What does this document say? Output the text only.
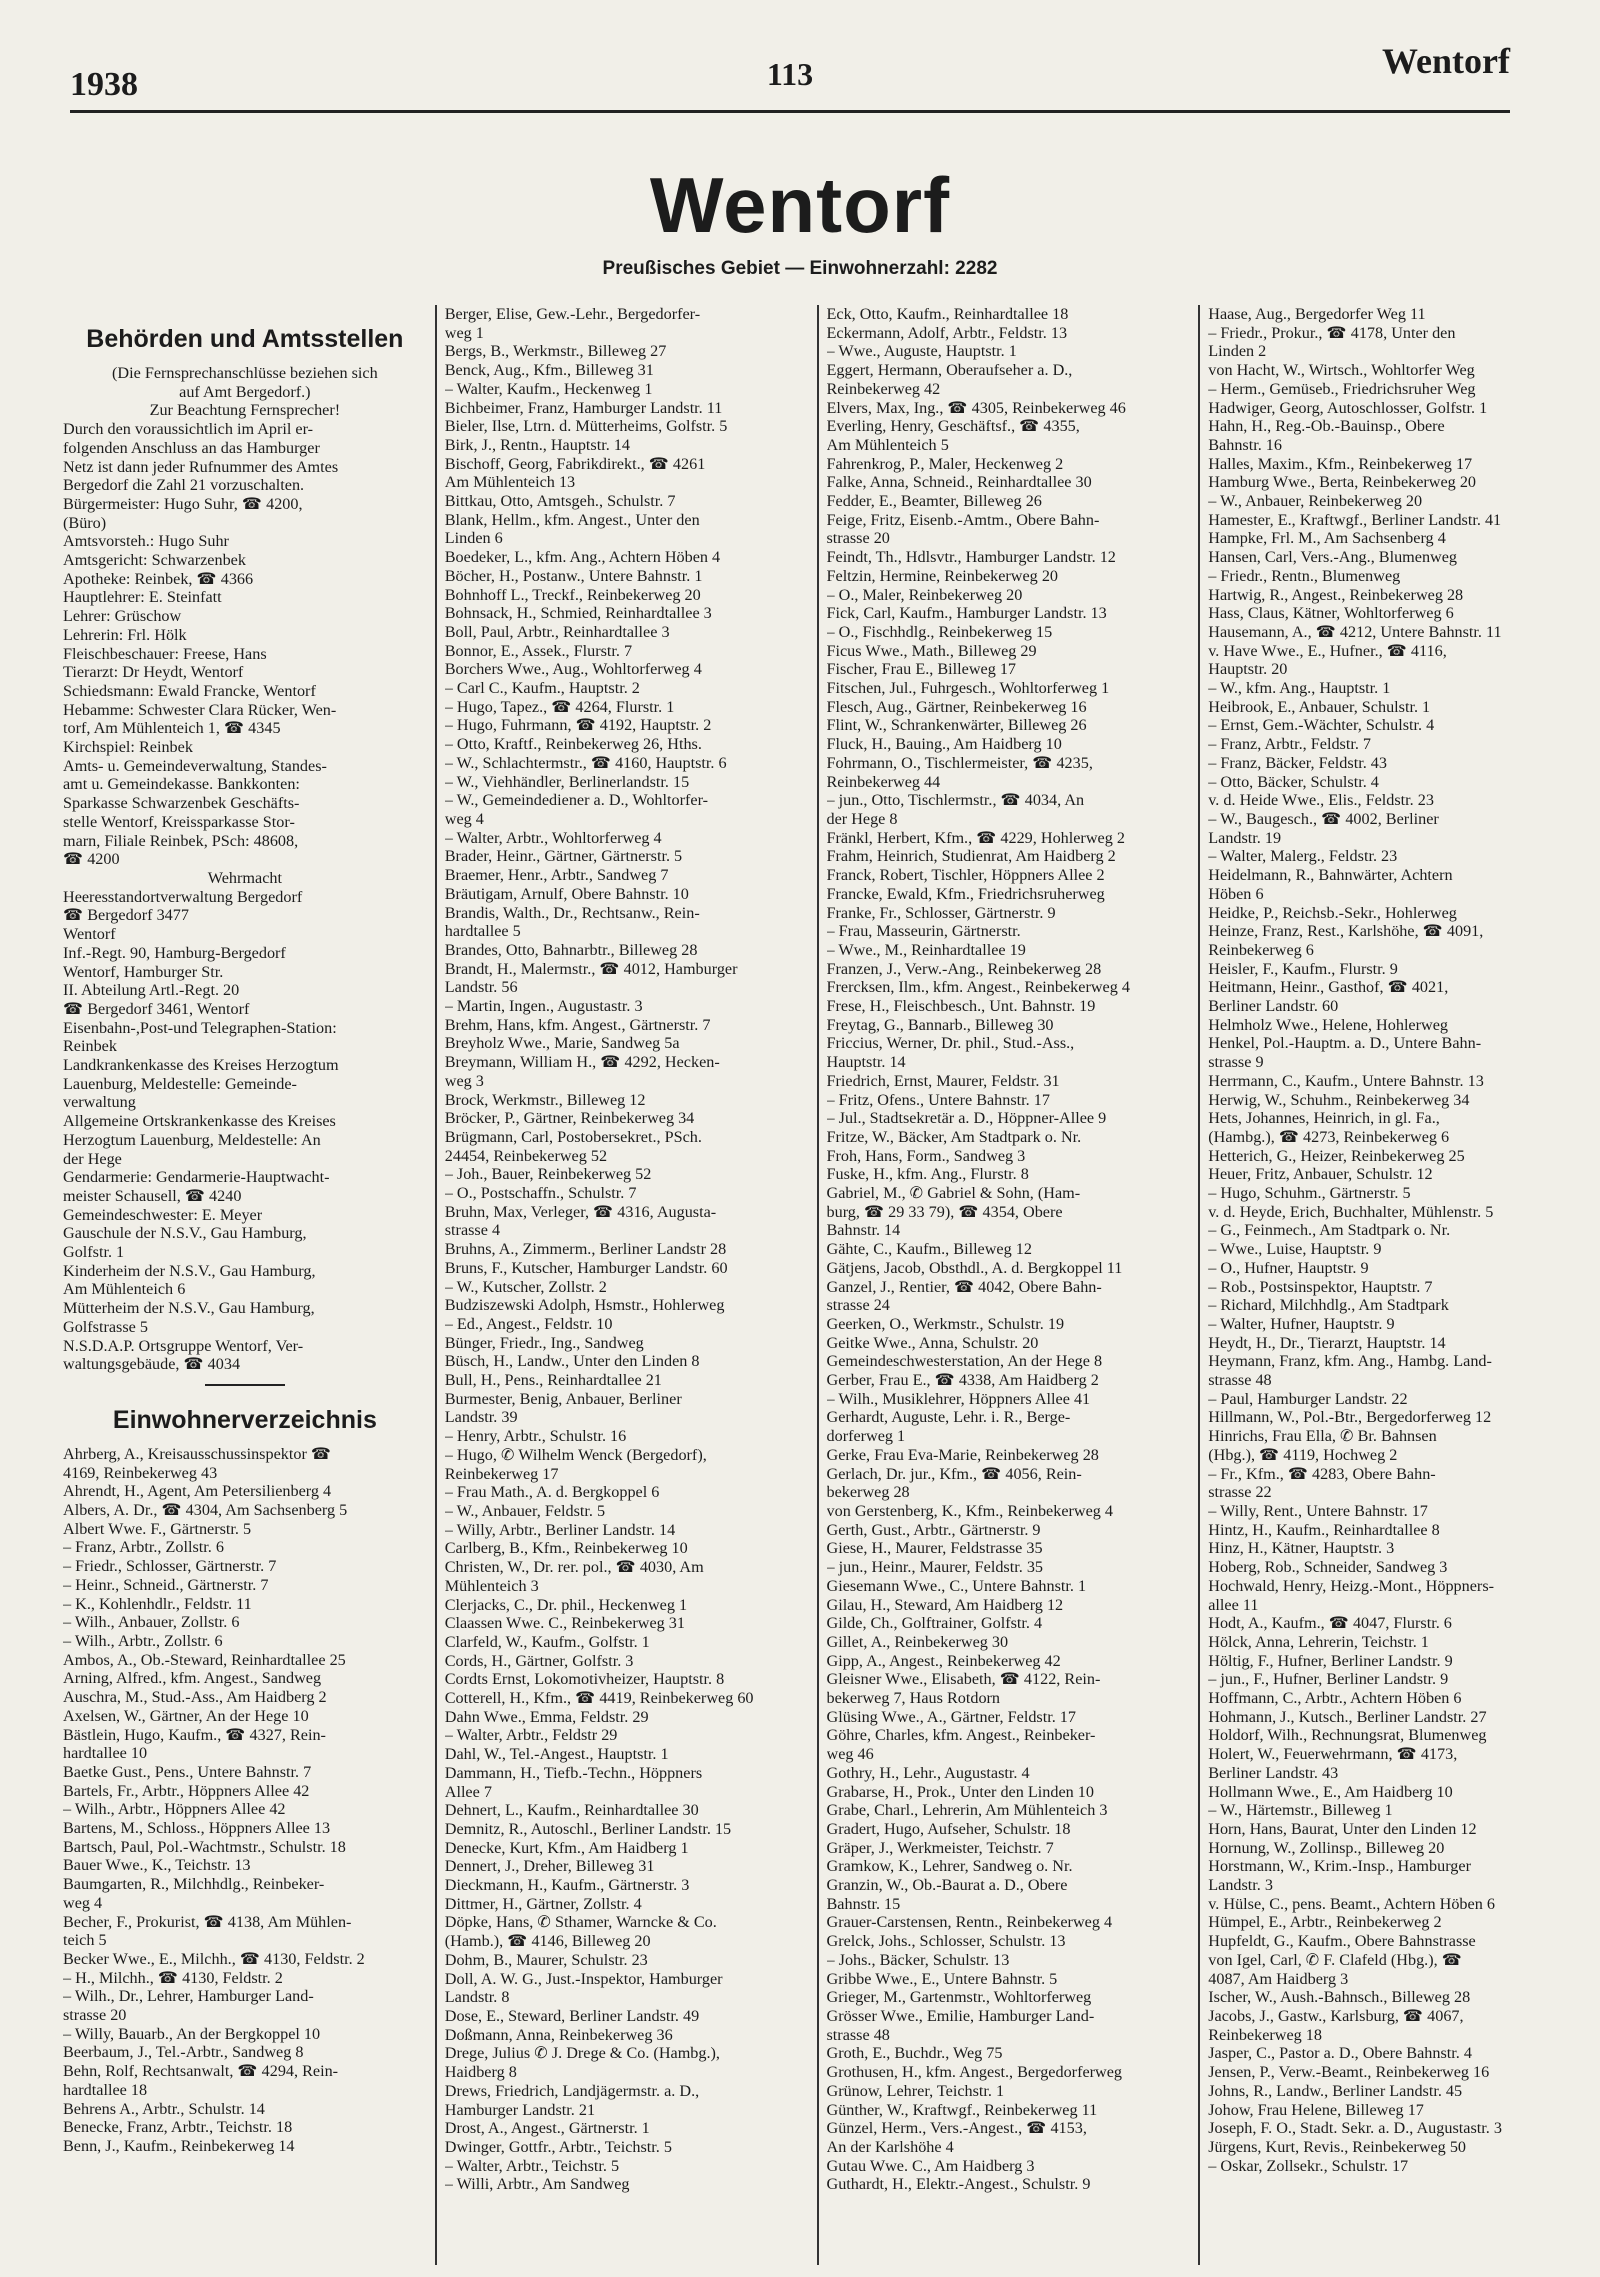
1938	113	Wentorf
Wentorf
Preußisches Gebiet — Einwohnerzahl: 2282
Behörden und Amtsstellen
(Die Fernsprechanschlüsse beziehen sich
auf Amt Bergedorf.)
Zur Beachtung Fernsprecher!
Durch den voraussichtlich im April er-
folgenden Anschluss an das Hamburger
Netz ist dann jeder Rufnummer des Amtes
Bergedorf die Zahl 21 vorzuschalten.
Bürgermeister: Hugo Suhr, ☎ 4200,
(Büro)
Amtsvorsteh.: Hugo Suhr
Amtsgericht: Schwarzenbek
Apotheke: Reinbek, ☎ 4366
Hauptlehrer: E. Steinfatt
Lehrer: Grüschow
Lehrerin: Frl. Hölk
Fleischbeschauer: Freese, Hans
Tierarzt: Dr Heydt, Wentorf
Schiedsmann: Ewald Francke, Wentorf
Hebamme: Schwester Clara Rücker, Wen-
torf, Am Mühlenteich 1, ☎ 4345
Kirchspiel: Reinbek
Amts- u. Gemeindeverwaltung, Standes-
amt u. Gemeindekasse. Bankkonten:
Sparkasse Schwarzenbek Geschäfts-
stelle Wentorf, Kreissparkasse Stor-
marn, Filiale Reinbek, PSch: 48608,
☎ 4200
Wehrmacht
Heeresstandortverwaltung Bergedorf
☎ Bergedorf 3477
Wentorf
Inf.-Regt. 90, Hamburg-Bergedorf
Wentorf, Hamburger Str.
II. Abteilung Artl.-Regt. 20
☎ Bergedorf 3461, Wentorf
Eisenbahn-,Post-und Telegraphen-Station:
Reinbek
Landkrankenkasse des Kreises Herzogtum
Lauenburg, Meldestelle: Gemeinde-
verwaltung
Allgemeine Ortskrankenkasse des Kreises
Herzogtum Lauenburg, Meldestelle: An
der Hege
Gendarmerie: Gendarmerie-Hauptwacht-
meister Schausell, ☎ 4240
Gemeindeschwester: E. Meyer
Gauschule der N.S.V., Gau Hamburg,
Golfstr. 1
Kinderheim der N.S.V., Gau Hamburg,
Am Mühlenteich 6
Mütterheim der N.S.V., Gau Hamburg,
Golfstrasse 5
N.S.D.A.P. Ortsgruppe Wentorf, Ver-
waltungsgebäude, ☎ 4034
Einwohnerverzeichnis
Ahrberg, A., Kreisausschussinspektor ☎
4169, Reinbekerweg 43
Ahrendt, H., Agent, Am Petersilienberg 4
Albers, A. Dr., ☎ 4304, Am Sachsenberg 5
Albert Wwe. F., Gärtnerstr. 5
– Franz, Arbtr., Zollstr. 6
– Friedr., Schlosser, Gärtnerstr. 7
– Heinr., Schneid., Gärtnerstr. 7
– K., Kohlenhdlr., Feldstr. 11
– Wilh., Anbauer, Zollstr. 6
– Wilh., Arbtr., Zollstr. 6
Ambos, A., Ob.-Steward, Reinhardtallee 25
Arning, Alfred., kfm. Angest., Sandweg
Auschra, M., Stud.-Ass., Am Haidberg 2
Axelsen, W., Gärtner, An der Hege 10
Bästlein, Hugo, Kaufm., ☎ 4327, Rein-
hardtallee 10
Baetke Gust., Pens., Untere Bahnstr. 7
Bartels, Fr., Arbtr., Höppners Allee 42
– Wilh., Arbtr., Höppners Allee 42
Bartens, M., Schloss., Höppners Allee 13
Bartsch, Paul, Pol.-Wachtmstr., Schulstr. 18
Bauer Wwe., K., Teichstr. 13
Baumgarten, R., Milchhdlg., Reinbeker-
weg 4
Becher, F., Prokurist, ☎ 4138, Am Mühlen-
teich 5
Becker Wwe., E., Milchh., ☎ 4130, Feldstr. 2
– H., Milchh., ☎ 4130, Feldstr. 2
– Wilh., Dr., Lehrer, Hamburger Land-
strasse 20
– Willy, Bauarb., An der Bergkoppel 10
Beerbaum, J., Tel.-Arbtr., Sandweg 8
Behn, Rolf, Rechtsanwalt, ☎ 4294, Rein-
hardtallee 18
Behrens A., Arbtr., Schulstr. 14
Benecke, Franz, Arbtr., Teichstr. 18
Benn, J., Kaufm., Reinbekerweg 14
Berger, Elise, Gew.-Lehr., Bergedorfer-
weg 1
Bergs, B., Werkmstr., Billeweg 27
Benck, Aug., Kfm., Billeweg 31
– Walter, Kaufm., Heckenweg 1
Bichbeimer, Franz, Hamburger Landstr. 11
Bieler, Ilse, Ltrn. d. Mütterheims, Golfstr. 5
Birk, J., Rentn., Hauptstr. 14
Bischoff, Georg, Fabrikdirekt., ☎ 4261
Am Mühlenteich 13
Bittkau, Otto, Amtsgeh., Schulstr. 7
Blank, Hellm., kfm. Angest., Unter den
Linden 6
Boedeker, L., kfm. Ang., Achtern Höben 4
Böcher, H., Postanw., Untere Bahnstr. 1
Bohnhoff L., Treckf., Reinbekerweg 20
Bohnsack, H., Schmied, Reinhardtallee 3
Boll, Paul, Arbtr., Reinhardtallee 3
Bonnor, E., Assek., Flurstr. 7
Borchers Wwe., Aug., Wohltorferweg 4
– Carl C., Kaufm., Hauptstr. 2
– Hugo, Tapez., ☎ 4264, Flurstr. 1
– Hugo, Fuhrmann, ☎ 4192, Hauptstr. 2
– Otto, Kraftf., Reinbekerweg 26, Hths.
– W., Schlachtermstr., ☎ 4160, Hauptstr. 6
– W., Viehhändler, Berlinerlandstr. 15
– W., Gemeindediener a. D., Wohltorfer-
weg 4
– Walter, Arbtr., Wohltorferweg 4
Brader, Heinr., Gärtner, Gärtnerstr. 5
Braemer, Henr., Arbtr., Sandweg 7
Bräutigam, Arnulf, Obere Bahnstr. 10
Brandis, Walth., Dr., Rechtsanw., Rein-
hardtallee 5
Brandes, Otto, Bahnarbtr., Billeweg 28
Brandt, H., Malermstr., ☎ 4012, Hamburger
Landstr. 56
– Martin, Ingen., Augustastr. 3
Brehm, Hans, kfm. Angest., Gärtnerstr. 7
Breyholz Wwe., Marie, Sandweg 5a
Breymann, William H., ☎ 4292, Hecken-
weg 3
Brock, Werkmstr., Billeweg 12
Bröcker, P., Gärtner, Reinbekerweg 34
Brügmann, Carl, Postobersekret., PSch.
24454, Reinbekerweg 52
– Joh., Bauer, Reinbekerweg 52
– O., Postschaffn., Schulstr. 7
Bruhn, Max, Verleger, ☎ 4316, Augusta-
strasse 4
Bruhns, A., Zimmerm., Berliner Landstr 28
Bruns, F., Kutscher, Hamburger Landstr. 60
– W., Kutscher, Zollstr. 2
Budziszewski Adolph, Hsmstr., Hohlerweg
– Ed., Angest., Feldstr. 10
Bünger, Friedr., Ing., Sandweg
Büsch, H., Landw., Unter den Linden 8
Bull, H., Pens., Reinhardtallee 21
Burmester, Benig, Anbauer, Berliner
Landstr. 39
– Henry, Arbtr., Schulstr. 16
– Hugo, ✆ Wilhelm Wenck (Bergedorf),
Reinbekerweg 17
– Frau Math., A. d. Bergkoppel 6
– W., Anbauer, Feldstr. 5
– Willy, Arbtr., Berliner Landstr. 14
Carlberg, B., Kfm., Reinbekerweg 10
Christen, W., Dr. rer. pol., ☎ 4030, Am
Mühlenteich 3
Clerjacks, C., Dr. phil., Heckenweg 1
Claassen Wwe. C., Reinbekerweg 31
Clarfeld, W., Kaufm., Golfstr. 1
Cords, H., Gärtner, Golfstr. 3
Cordts Ernst, Lokomotivheizer, Hauptstr. 8
Cotterell, H., Kfm., ☎ 4419, Reinbekerweg 60
Dahn Wwe., Emma, Feldstr. 29
– Walter, Arbtr., Feldstr 29
Dahl, W., Tel.-Angest., Hauptstr. 1
Dammann, H., Tiefb.-Techn., Höppners
Allee 7
Dehnert, L., Kaufm., Reinhardtallee 30
Demnitz, R., Autoschl., Berliner Landstr. 15
Denecke, Kurt, Kfm., Am Haidberg 1
Dennert, J., Dreher, Billeweg 31
Dieckmann, H., Kaufm., Gärtnerstr. 3
Dittmer, H., Gärtner, Zollstr. 4
Döpke, Hans, ✆ Sthamer, Warncke & Co.
(Hamb.), ☎ 4146, Billeweg 20
Dohm, B., Maurer, Schulstr. 23
Doll, A. W. G., Just.-Inspektor, Hamburger
Landstr. 8
Dose, E., Steward, Berliner Landstr. 49
Doßmann, Anna, Reinbekerweg 36
Drege, Julius ✆ J. Drege & Co. (Hambg.),
Haidberg 8
Drews, Friedrich, Landjägermstr. a. D.,
Hamburger Landstr. 21
Drost, A., Angest., Gärtnerstr. 1
Dwinger, Gottfr., Arbtr., Teichstr. 5
– Walter, Arbtr., Teichstr. 5
– Willi, Arbtr., Am Sandweg
Eck, Otto, Kaufm., Reinhardtallee 18
Eckermann, Adolf, Arbtr., Feldstr. 13
– Wwe., Auguste, Hauptstr. 1
Eggert, Hermann, Oberaufseher a. D.,
Reinbekerweg 42
Elvers, Max, Ing., ☎ 4305, Reinbekerweg 46
Everling, Henry, Geschäftsf., ☎ 4355,
Am Mühlenteich 5
Fahrenkrog, P., Maler, Heckenweg 2
Falke, Anna, Schneid., Reinhardtallee 30
Fedder, E., Beamter, Billeweg 26
Feige, Fritz, Eisenb.-Amtm., Obere Bahn-
strasse 20
Feindt, Th., Hdlsvtr., Hamburger Landstr. 12
Feltzin, Hermine, Reinbekerweg 20
– O., Maler, Reinbekerweg 20
Fick, Carl, Kaufm., Hamburger Landstr. 13
– O., Fischhdlg., Reinbekerweg 15
Ficus Wwe., Math., Billeweg 29
Fischer, Frau E., Billeweg 17
Fitschen, Jul., Fuhrgesch., Wohltorferweg 1
Flesch, Aug., Gärtner, Reinbekerweg 16
Flint, W., Schrankenwärter, Billeweg 26
Fluck, H., Bauing., Am Haidberg 10
Fohrmann, O., Tischlermeister, ☎ 4235,
Reinbekerweg 44
– jun., Otto, Tischlermstr., ☎ 4034, An
der Hege 8
Fränkl, Herbert, Kfm., ☎ 4229, Hohlerweg 2
Frahm, Heinrich, Studienrat, Am Haidberg 2
Franck, Robert, Tischler, Höppners Allee 2
Francke, Ewald, Kfm., Friedrichsruherweg
Franke, Fr., Schlosser, Gärtnerstr. 9
– Frau, Masseurin, Gärtnerstr.
– Wwe., M., Reinhardtallee 19
Franzen, J., Verw.-Ang., Reinbekerweg 28
Frercksen, Ilm., kfm. Angest., Reinbekerweg 4
Frese, H., Fleischbesch., Unt. Bahnstr. 19
Freytag, G., Bannarb., Billeweg 30
Friccius, Werner, Dr. phil., Stud.-Ass.,
Hauptstr. 14
Friedrich, Ernst, Maurer, Feldstr. 31
– Fritz, Ofens., Untere Bahnstr. 17
– Jul., Stadtsekretär a. D., Höppner-Allee 9
Fritze, W., Bäcker, Am Stadtpark o. Nr.
Froh, Hans, Form., Sandweg 3
Fuske, H., kfm. Ang., Flurstr. 8
Gabriel, M., ✆ Gabriel & Sohn, (Ham-
burg, ☎ 29 33 79), ☎ 4354, Obere
Bahnstr. 14
Gähte, C., Kaufm., Billeweg 12
Gätjens, Jacob, Obsthdl., A. d. Bergkoppel 11
Ganzel, J., Rentier, ☎ 4042, Obere Bahn-
strasse 24
Geerken, O., Werkmstr., Schulstr. 19
Geitke Wwe., Anna, Schulstr. 20
Gemeindeschwesterstation, An der Hege 8
Gerber, Frau E., ☎ 4338, Am Haidberg 2
– Wilh., Musiklehrer, Höppners Allee 41
Gerhardt, Auguste, Lehr. i. R., Berge-
dorferweg 1
Gerke, Frau Eva-Marie, Reinbekerweg 28
Gerlach, Dr. jur., Kfm., ☎ 4056, Rein-
bekerweg 28
von Gerstenberg, K., Kfm., Reinbekerweg 4
Gerth, Gust., Arbtr., Gärtnerstr. 9
Giese, H., Maurer, Feldstrasse 35
– jun., Heinr., Maurer, Feldstr. 35
Giesemann Wwe., C., Untere Bahnstr. 1
Gilau, H., Steward, Am Haidberg 12
Gilde, Ch., Golftrainer, Golfstr. 4
Gillet, A., Reinbekerweg 30
Gipp, A., Angest., Reinbekerweg 42
Gleisner Wwe., Elisabeth, ☎ 4122, Rein-
bekerweg 7, Haus Rotdorn
Glüsing Wwe., A., Gärtner, Feldstr. 17
Göhre, Charles, kfm. Angest., Reinbeker-
weg 46
Gothry, H., Lehr., Augustastr. 4
Grabarse, H., Prok., Unter den Linden 10
Grabe, Charl., Lehrerin, Am Mühlenteich 3
Gradert, Hugo, Aufseher, Schulstr. 18
Gräper, J., Werkmeister, Teichstr. 7
Gramkow, K., Lehrer, Sandweg o. Nr.
Granzin, W., Ob.-Baurat a. D., Obere
Bahnstr. 15
Grauer-Carstensen, Rentn., Reinbekerweg 4
Grelck, Johs., Schlosser, Schulstr. 13
– Johs., Bäcker, Schulstr. 13
Gribbe Wwe., E., Untere Bahnstr. 5
Grieger, M., Gartenmstr., Wohltorferweg
Grösser Wwe., Emilie, Hamburger Land-
strasse 48
Groth, E., Buchdr., Weg 75
Grothusen, H., kfm. Angest., Bergedorferweg
Grünow, Lehrer, Teichstr. 1
Günther, W., Kraftwgf., Reinbekerweg 11
Günzel, Herm., Vers.-Angest., ☎ 4153,
An der Karlshöhe 4
Gutau Wwe. C., Am Haidberg 3
Guthardt, H., Elektr.-Angest., Schulstr. 9
Haase, Aug., Bergedorfer Weg 11
– Friedr., Prokur., ☎ 4178, Unter den
Linden 2
von Hacht, W., Wirtsch., Wohltorfer Weg
– Herm., Gemüseb., Friedrichsruher Weg
Hadwiger, Georg, Autoschlosser, Golfstr. 1
Hahn, H., Reg.-Ob.-Bauinsp., Obere
Bahnstr. 16
Halles, Maxim., Kfm., Reinbekerweg 17
Hamburg Wwe., Berta, Reinbekerweg 20
– W., Anbauer, Reinbekerweg 20
Hamester, E., Kraftwgf., Berliner Landstr. 41
Hampke, Frl. M., Am Sachsenberg 4
Hansen, Carl, Vers.-Ang., Blumenweg
– Friedr., Rentn., Blumenweg
Hartwig, R., Angest., Reinbekerweg 28
Hass, Claus, Kätner, Wohltorferweg 6
Hausemann, A., ☎ 4212, Untere Bahnstr. 11
v. Have Wwe., E., Hufner., ☎ 4116,
Hauptstr. 20
– W., kfm. Ang., Hauptstr. 1
Heibrook, E., Anbauer, Schulstr. 1
– Ernst, Gem.-Wächter, Schulstr. 4
– Franz, Arbtr., Feldstr. 7
– Franz, Bäcker, Feldstr. 43
– Otto, Bäcker, Schulstr. 4
v. d. Heide Wwe., Elis., Feldstr. 23
– W., Baugesch., ☎ 4002, Berliner
Landstr. 19
– Walter, Malerg., Feldstr. 23
Heidelmann, R., Bahnwärter, Achtern
Höben 6
Heidke, P., Reichsb.-Sekr., Hohlerweg
Heinze, Franz, Rest., Karlshöhe, ☎ 4091,
Reinbekerweg 6
Heisler, F., Kaufm., Flurstr. 9
Heitmann, Heinr., Gasthof, ☎ 4021,
Berliner Landstr. 60
Helmholz Wwe., Helene, Hohlerweg
Henkel, Pol.-Hauptm. a. D., Untere Bahn-
strasse 9
Herrmann, C., Kaufm., Untere Bahnstr. 13
Herwig, W., Schuhm., Reinbekerweg 34
Hets, Johannes, Heinrich, in gl. Fa.,
(Hambg.), ☎ 4273, Reinbekerweg 6
Hetterich, G., Heizer, Reinbekerweg 25
Heuer, Fritz, Anbauer, Schulstr. 12
– Hugo, Schuhm., Gärtnerstr. 5
v. d. Heyde, Erich, Buchhalter, Mühlenstr. 5
– G., Feinmech., Am Stadtpark o. Nr.
– Wwe., Luise, Hauptstr. 9
– O., Hufner, Hauptstr. 9
– Rob., Postsinspektor, Hauptstr. 7
– Richard, Milchhdlg., Am Stadtpark
– Walter, Hufner, Hauptstr. 9
Heydt, H., Dr., Tierarzt, Hauptstr. 14
Heymann, Franz, kfm. Ang., Hambg. Land-
strasse 48
– Paul, Hamburger Landstr. 22
Hillmann, W., Pol.-Btr., Bergedorferweg 12
Hinrichs, Frau Ella, ✆ Br. Bahnsen
(Hbg.), ☎ 4119, Hochweg 2
– Fr., Kfm., ☎ 4283, Obere Bahn-
strasse 22
– Willy, Rent., Untere Bahnstr. 17
Hintz, H., Kaufm., Reinhardtallee 8
Hinz, H., Kätner, Hauptstr. 3
Hoberg, Rob., Schneider, Sandweg 3
Hochwald, Henry, Heizg.-Mont., Höppners-
allee 11
Hodt, A., Kaufm., ☎ 4047, Flurstr. 6
Hölck, Anna, Lehrerin, Teichstr. 1
Höltig, F., Hufner, Berliner Landstr. 9
– jun., F., Hufner, Berliner Landstr. 9
Hoffmann, C., Arbtr., Achtern Höben 6
Hohmann, J., Kutsch., Berliner Landstr. 27
Holdorf, Wilh., Rechnungsrat, Blumenweg
Holert, W., Feuerwehrmann, ☎ 4173,
Berliner Landstr. 43
Hollmann Wwe., E., Am Haidberg 10
– W., Härtemstr., Billeweg 1
Horn, Hans, Baurat, Unter den Linden 12
Hornung, W., Zollinsp., Billeweg 20
Horstmann, W., Krim.-Insp., Hamburger
Landstr. 3
v. Hülse, C., pens. Beamt., Achtern Höben 6
Hümpel, E., Arbtr., Reinbekerweg 2
Hupfeldt, G., Kaufm., Obere Bahnstrasse
von Igel, Carl, ✆ F. Clafeld (Hbg.), ☎
4087, Am Haidberg 3
Ischer, W., Aush.-Bahnsch., Billeweg 28
Jacobs, J., Gastw., Karlsburg, ☎ 4067,
Reinbekerweg 18
Jasper, C., Pastor a. D., Obere Bahnstr. 4
Jensen, P., Verw.-Beamt., Reinbekerweg 16
Johns, R., Landw., Berliner Landstr. 45
Johow, Frau Helene, Billeweg 17
Joseph, F. O., Stadt. Sekr. a. D., Augustastr. 3
Jürgens, Kurt, Revis., Reinbekerweg 50
– Oskar, Zollsekr., Schulstr. 17
